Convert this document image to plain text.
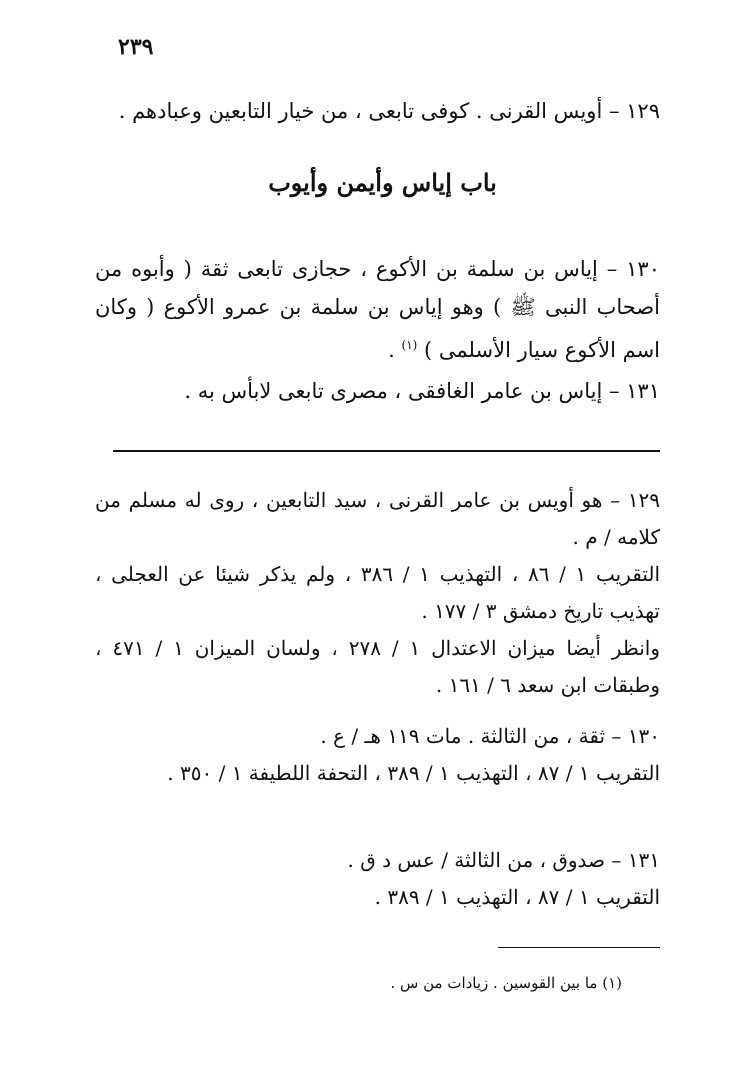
٢٣٩
١٢٩ – أويس القرنى . كوفى تابعى ، من خيار التابعين وعبادهم .
باب إياس وأيمن وأيوب
١٣٠ – إياس بن سلمة بن الأكوع ، حجازى تابعى ثقة ( وأبوه من أصحاب النبى ﷺ ) وهو إياس بن سلمة بن عمرو الأكوع ( وكان اسم الأكوع سيار الأسلمى ) $^{(١)}$ .
١٣١ – إياس بن عامر الغافقى ، مصرى تابعى لابأس به .
١٢٩ – هو أويس بن عامر القرنى ، سيد التابعين ، روى له مسلم من كلامه / م .
التقريب ١ / ٨٦ ، التهذيب ١ / ٣٨٦ ، ولم يذكر شيئا عن العجلى ، تهذيب تاريخ دمشق ٣ / ١٧٧ .
وانظر أيضا ميزان الاعتدال ١ / ٢٧٨ ، ولسان الميزان ١ / ٤٧١ ، وطبقات ابن سعد ٦ / ١٦١ .
١٣٠ – ثقة ، من الثالثة . مات ١١٩ هـ / ع .
التقريب ١ / ٨٧ ، التهذيب ١ / ٣٨٩ ، التحفة اللطيفة ١ / ٣٥٠ .
١٣١ – صدوق ، من الثالثة / عس د ق .
التقريب ١ / ٨٧ ، التهذيب ١ / ٣٨٩ .
(١) ما بين القوسين . زيادات من س .
